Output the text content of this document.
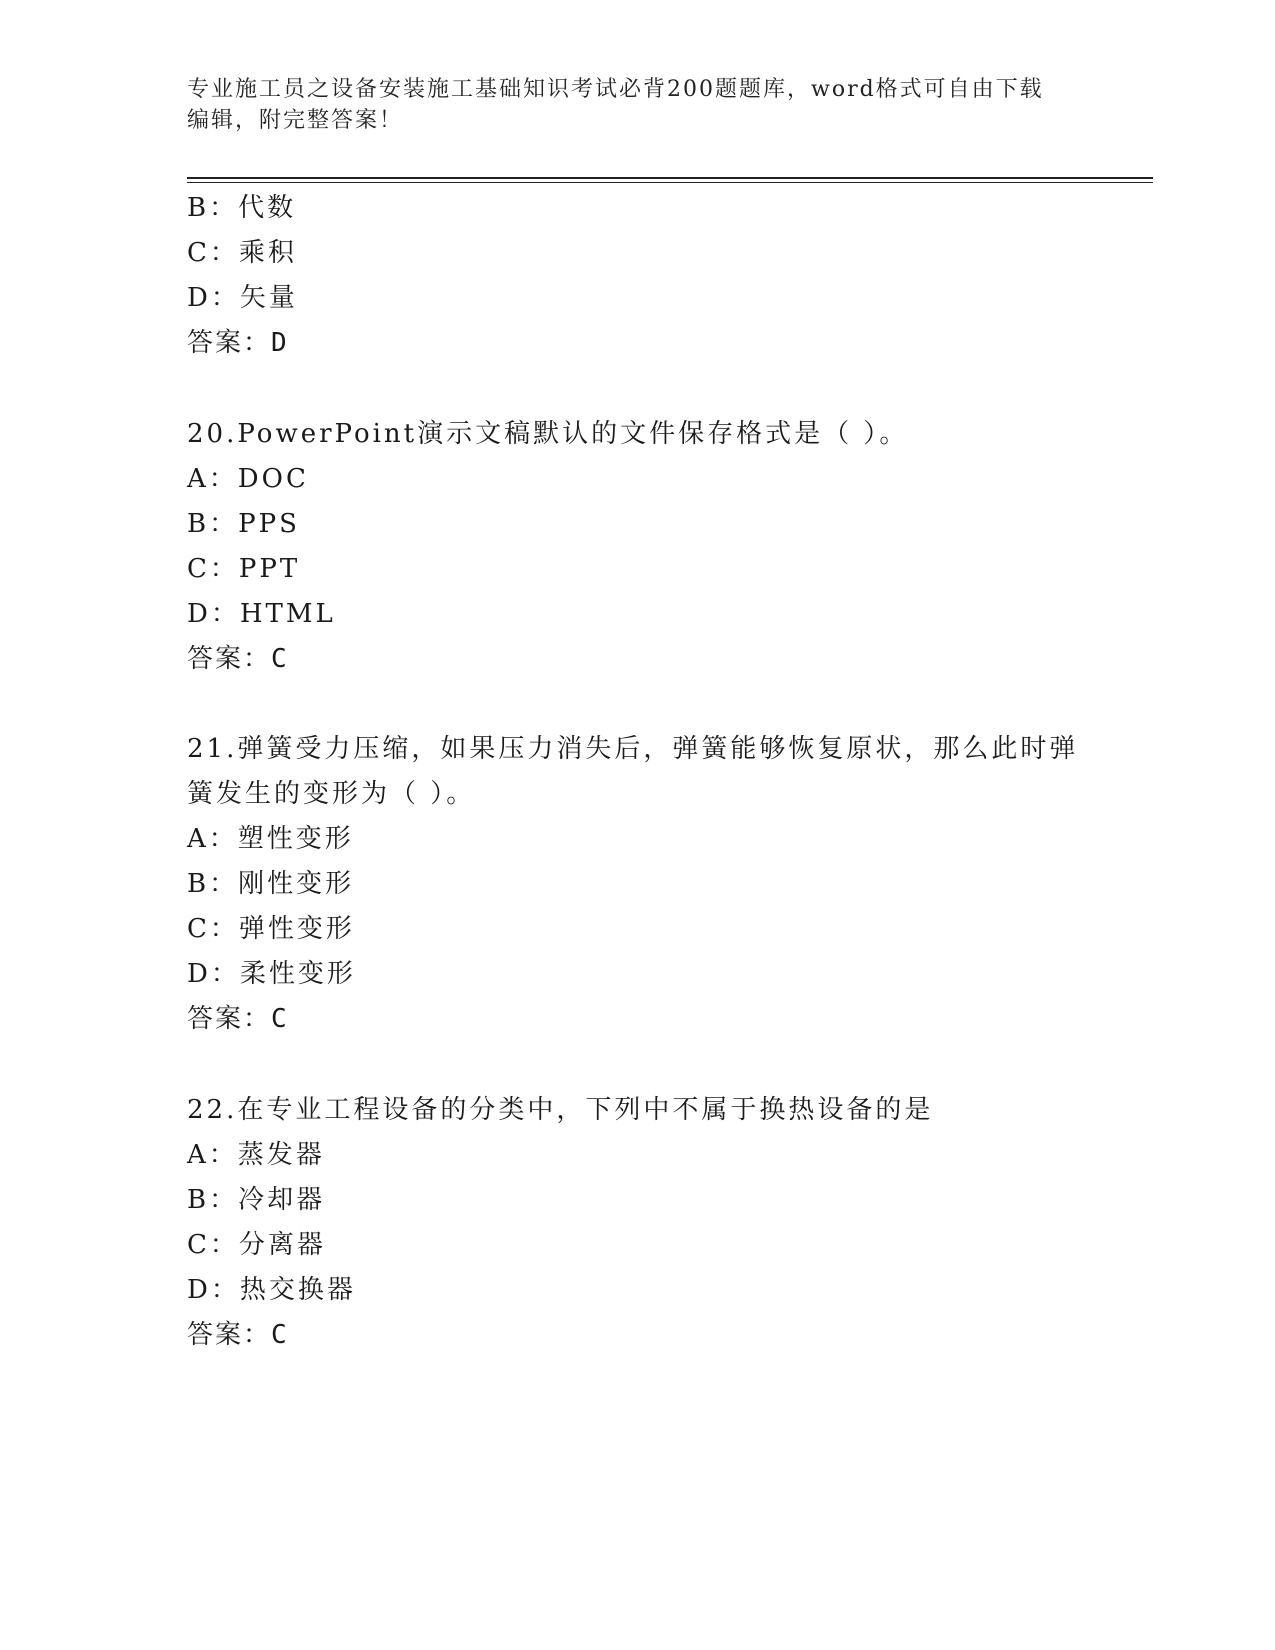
专业施工员之设备安装施工基础知识考试必背200题题库，word格式可自由下载
编辑，附完整答案！
B：代数
C：乘积
D：矢量
答案：D
20.PowerPoint演示文稿默认的文件保存格式是（ ）。
A：DOC
B：PPS
C：PPT
D：HTML
答案：C
21.弹簧受力压缩，如果压力消失后，弹簧能够恢复原状，那么此时弹
簧发生的变形为（ ）。
A：塑性变形
B：刚性变形
C：弹性变形
D：柔性变形
答案：C
22.在专业工程设备的分类中，下列中不属于换热设备的是
A：蒸发器
B：冷却器
C：分离器
D：热交换器
答案：C
